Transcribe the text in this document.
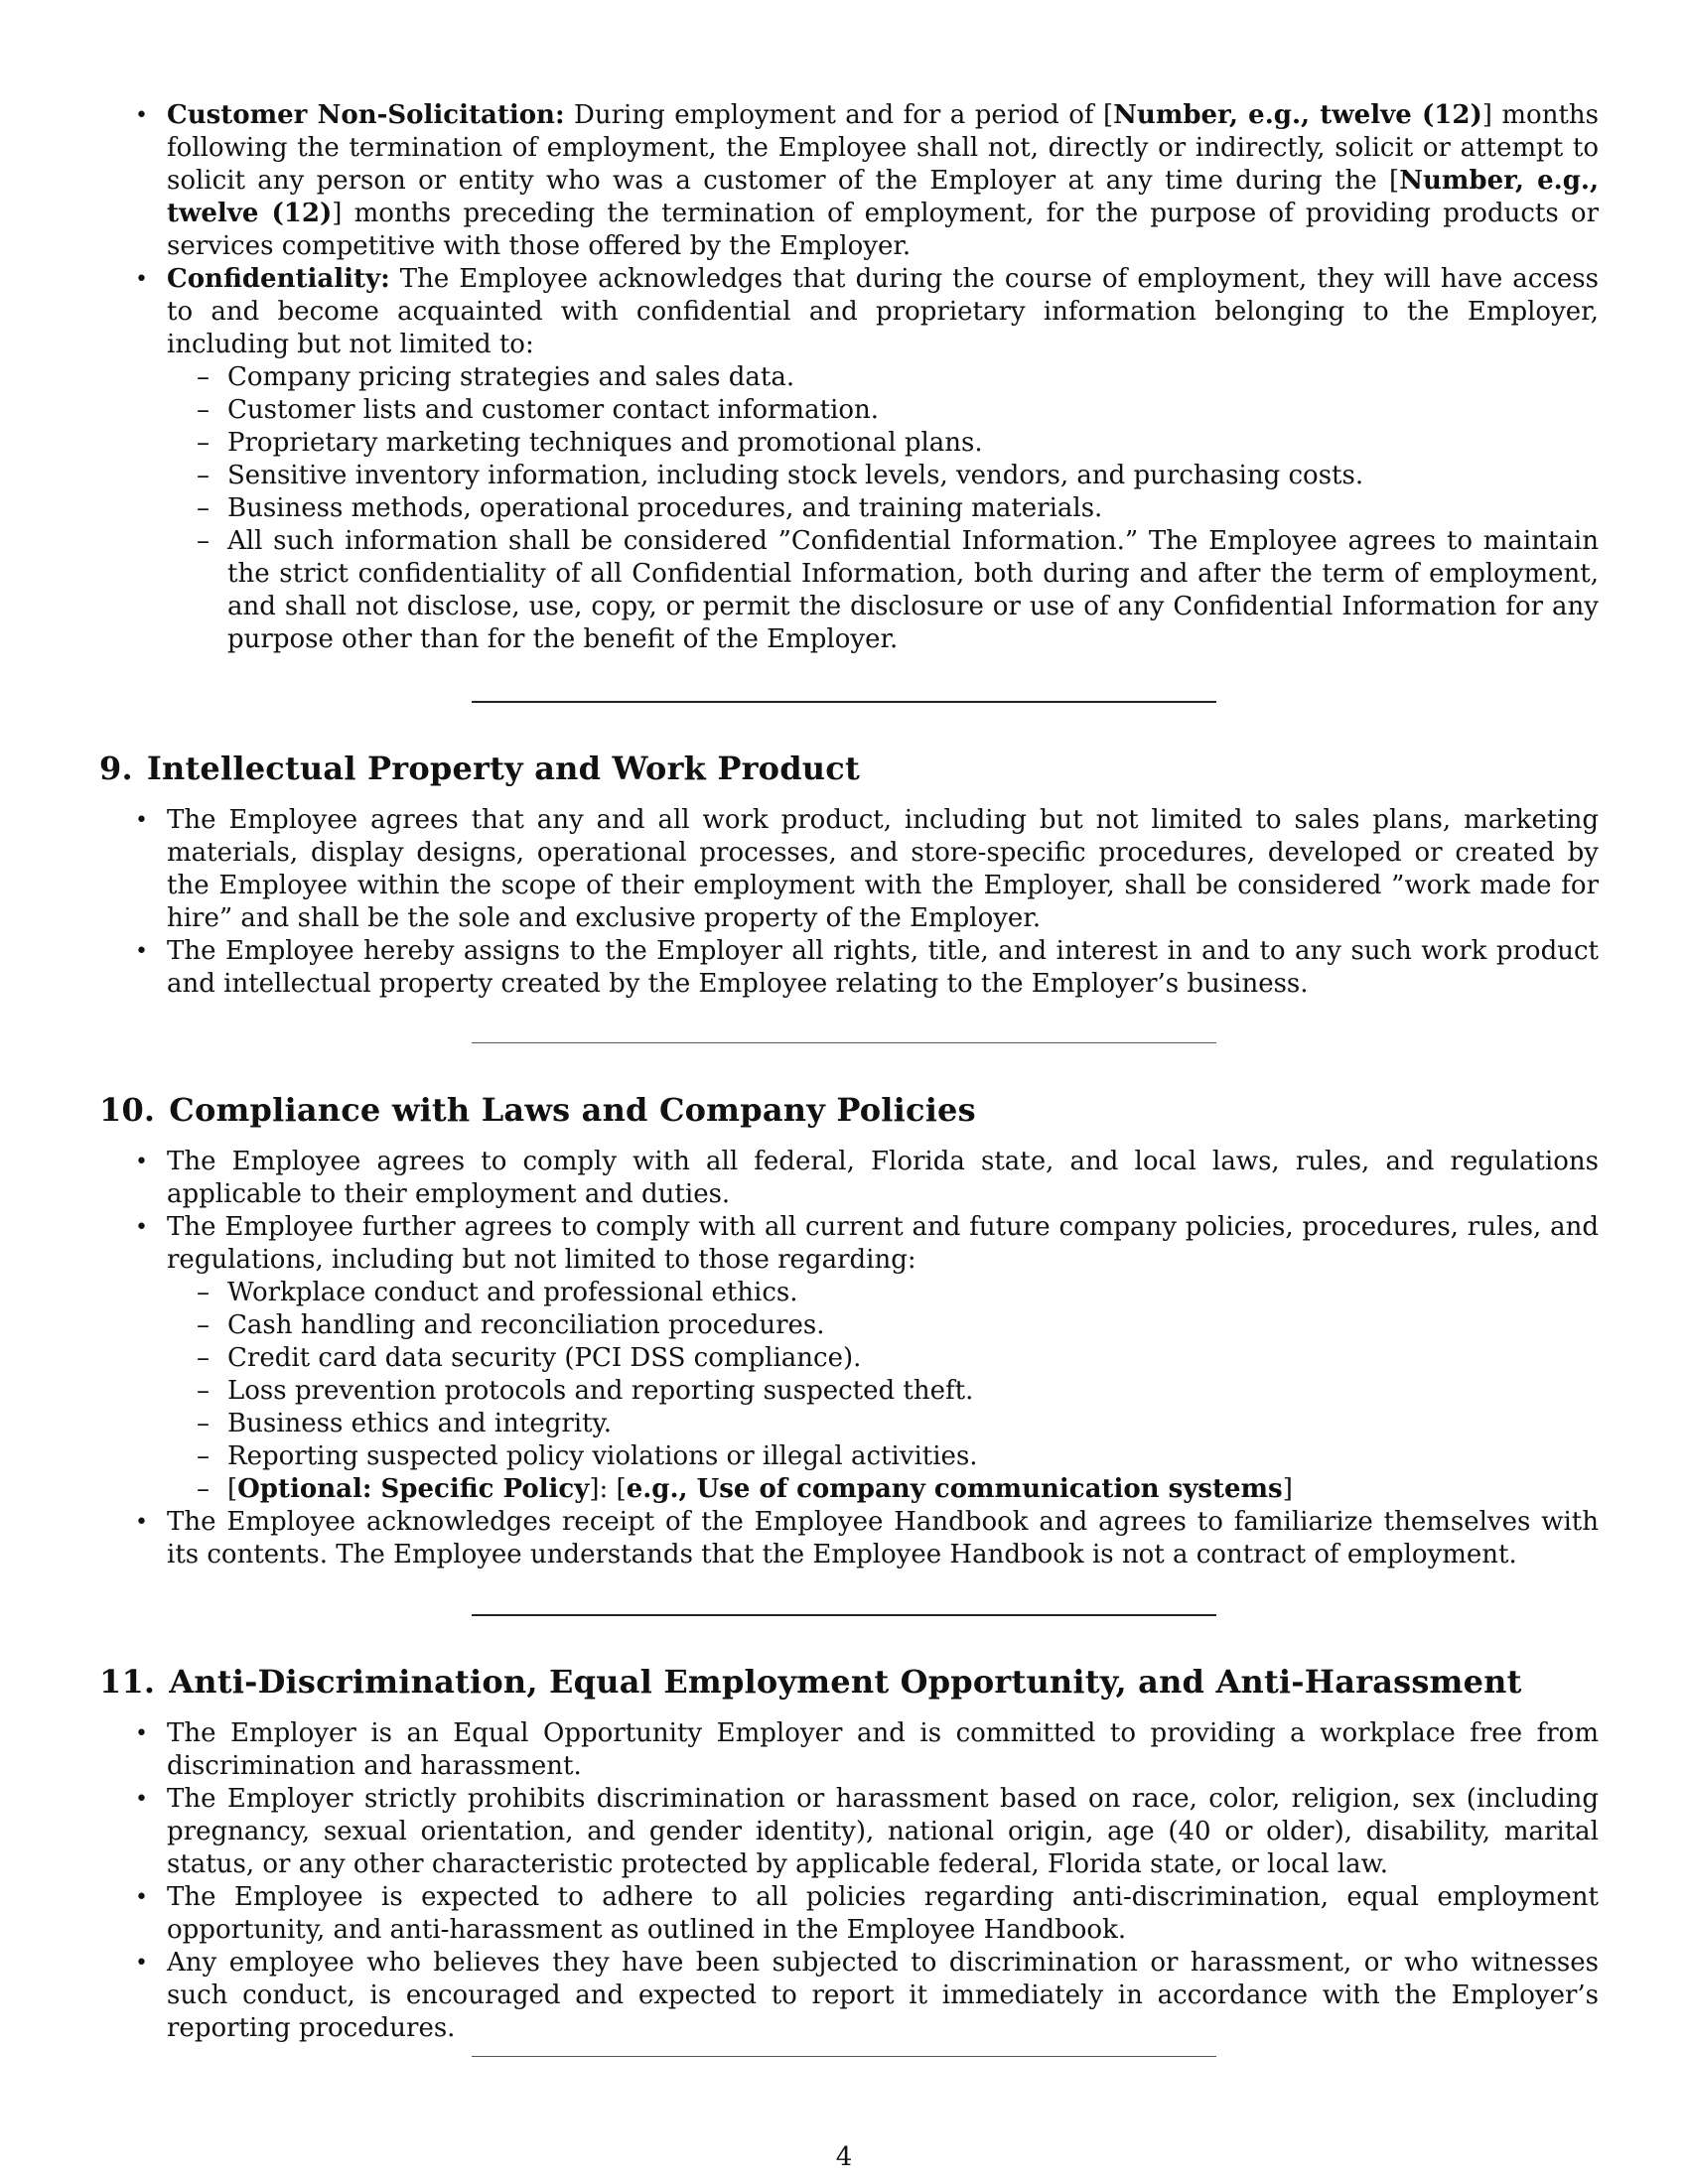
• Customer Non-Solicitation: During employment and for a period of [Number, e.g., twelve (12)] months following the termination of employment, the Employee shall not, directly or indirectly, solicit or attempt to solicit any person or entity who was a customer of the Employer at any time during the [Number, e.g., twelve (12)] months preceding the termination of employment, for the purpose of providing products or services competitive with those offered by the Employer.
• Confidentiality: The Employee acknowledges that during the course of employment, they will have access to and become acquainted with confidential and proprietary information belonging to the Employer, including but not limited to:
– Company pricing strategies and sales data.
– Customer lists and customer contact information.
– Proprietary marketing techniques and promotional plans.
– Sensitive inventory information, including stock levels, vendors, and purchasing costs.
– Business methods, operational procedures, and training materials.
– All such information shall be considered ”Confidential Information.” The Employee agrees to maintain the strict confidentiality of all Confidential Information, both during and after the term of employment, and shall not disclose, use, copy, or permit the disclosure or use of any Confidential Information for any purpose other than for the benefit of the Employer.
9. Intellectual Property and Work Product
• The Employee agrees that any and all work product, including but not limited to sales plans, marketing materials, display designs, operational processes, and store-specific procedures, developed or created by the Employee within the scope of their employment with the Employer, shall be considered ”work made for hire” and shall be the sole and exclusive property of the Employer.
• The Employee hereby assigns to the Employer all rights, title, and interest in and to any such work product and intellectual property created by the Employee relating to the Employer’s business.
10. Compliance with Laws and Company Policies
• The Employee agrees to comply with all federal, Florida state, and local laws, rules, and regulations applicable to their employment and duties.
• The Employee further agrees to comply with all current and future company policies, procedures, rules, and regulations, including but not limited to those regarding:
– Workplace conduct and professional ethics.
– Cash handling and reconciliation procedures.
– Credit card data security (PCI DSS compliance).
– Loss prevention protocols and reporting suspected theft.
– Business ethics and integrity.
– Reporting suspected policy violations or illegal activities.
– [Optional: Specific Policy]: [e.g., Use of company communication systems]
• The Employee acknowledges receipt of the Employee Handbook and agrees to familiarize themselves with its contents. The Employee understands that the Employee Handbook is not a contract of employment.
11. Anti-Discrimination, Equal Employment Opportunity, and Anti-Harassment
• The Employer is an Equal Opportunity Employer and is committed to providing a workplace free from discrimination and harassment.
• The Employer strictly prohibits discrimination or harassment based on race, color, religion, sex (including pregnancy, sexual orientation, and gender identity), national origin, age (40 or older), disability, marital status, or any other characteristic protected by applicable federal, Florida state, or local law.
• The Employee is expected to adhere to all policies regarding anti-discrimination, equal employment opportunity, and anti-harassment as outlined in the Employee Handbook.
• Any employee who believes they have been subjected to discrimination or harassment, or who witnesses such conduct, is encouraged and expected to report it immediately in accordance with the Employer’s reporting procedures.
4
